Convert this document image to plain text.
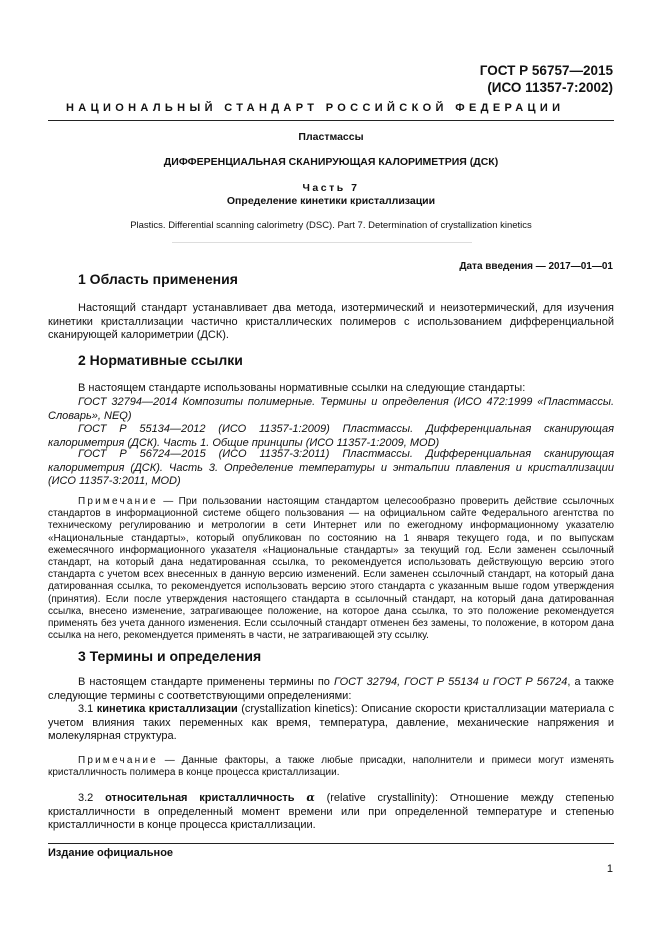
ГОСТ Р 56757—2015
(ИСО 11357-7:2002)
НАЦИОНАЛЬНЫЙ СТАНДАРТ РОССИЙСКОЙ ФЕДЕРАЦИИ
Пластмассы
ДИФФЕРЕНЦИАЛЬНАЯ СКАНИРУЮЩАЯ КАЛОРИМЕТРИЯ (ДСК)
Часть 7
Определение кинетики кристаллизации
Plastics. Differential scanning calorimetry (DSC). Part 7. Determination of crystallization kinetics
Дата введения — 2017—01—01
1 Область применения

Настоящий стандарт устанавливает два метода, изотермический и неизотермический, для изучения кинетики кристаллизации частично кристаллических полимеров с использованием дифференциальной сканирующей калориметрии (ДСК).

2 Нормативные ссылки

В настоящем стандарте использованы нормативные ссылки на следующие стандарты:

ГОСТ 32794—2014 Композиты полимерные. Термины и определения (ИСО 472:1999 «Пластмассы. Словарь», NEQ)

ГОСТ Р 55134—2012 (ИСО 11357-1:2009) Пластмассы. Дифференциальная сканирующая калориметрия (ДСК). Часть 1. Общие принципы (ИСО 11357-1:2009, MOD)

ГОСТ Р 56724—2015 (ИСО 11357-3:2011) Пластмассы. Дифференциальная сканирующая калориметрия (ДСК). Часть 3. Определение температуры и энтальпии плавления и кристаллизации (ИСО 11357-3:2011, MOD)

Примечание — При пользовании настоящим стандартом целесообразно проверить действие ссылочных стандартов в информационной системе общего пользования — на официальном сайте Федерального агентства по техническому регулированию и метрологии в сети Интернет или по ежегодному информационному указателю «Национальные стандарты», который опубликован по состоянию на 1 января текущего года, и по выпускам ежемесячного информационного указателя «Национальные стандарты» за текущий год. Если заменен ссылочный стандарт, на который дана недатированная ссылка, то рекомендуется использовать действующую версию этого стандарта с учетом всех внесенных в данную версию изменений. Если заменен ссылочный стандарт, на который дана датированная ссылка, то рекомендуется использовать версию этого стандарта с указанным выше годом утверждения (принятия). Если после утверждения настоящего стандарта в ссылочный стандарт, на который дана датированная ссылка, внесено изменение, затрагивающее положение, на которое дана ссылка, то это положение рекомендуется применять без учета данного изменения. Если ссылочный стандарт отменен без замены, то положение, в котором дана ссылка на него, рекомендуется применять в части, не затрагивающей эту ссылку.

3 Термины и определения

В настоящем стандарте применены термины по ГОСТ 32794, ГОСТ Р 55134 и ГОСТ Р 56724, а также следующие термины с соответствующими определениями:

3.1 кинетика кристаллизации (crystallization kinetics): Описание скорости кристаллизации материала с учетом влияния таких переменных как время, температура, давление, механические напряжения и молекулярная структура.

Примечание — Данные факторы, а также любые присадки, наполнители и примеси могут изменять кристалличность полимера в конце процесса кристаллизации.

3.2 относительная кристалличность α (relative crystallinity): Отношение между степенью кристалличности в определенный момент времени или при определенной температуре и степенью кристалличности в конце процесса кристаллизации.

Издание официальное
1
